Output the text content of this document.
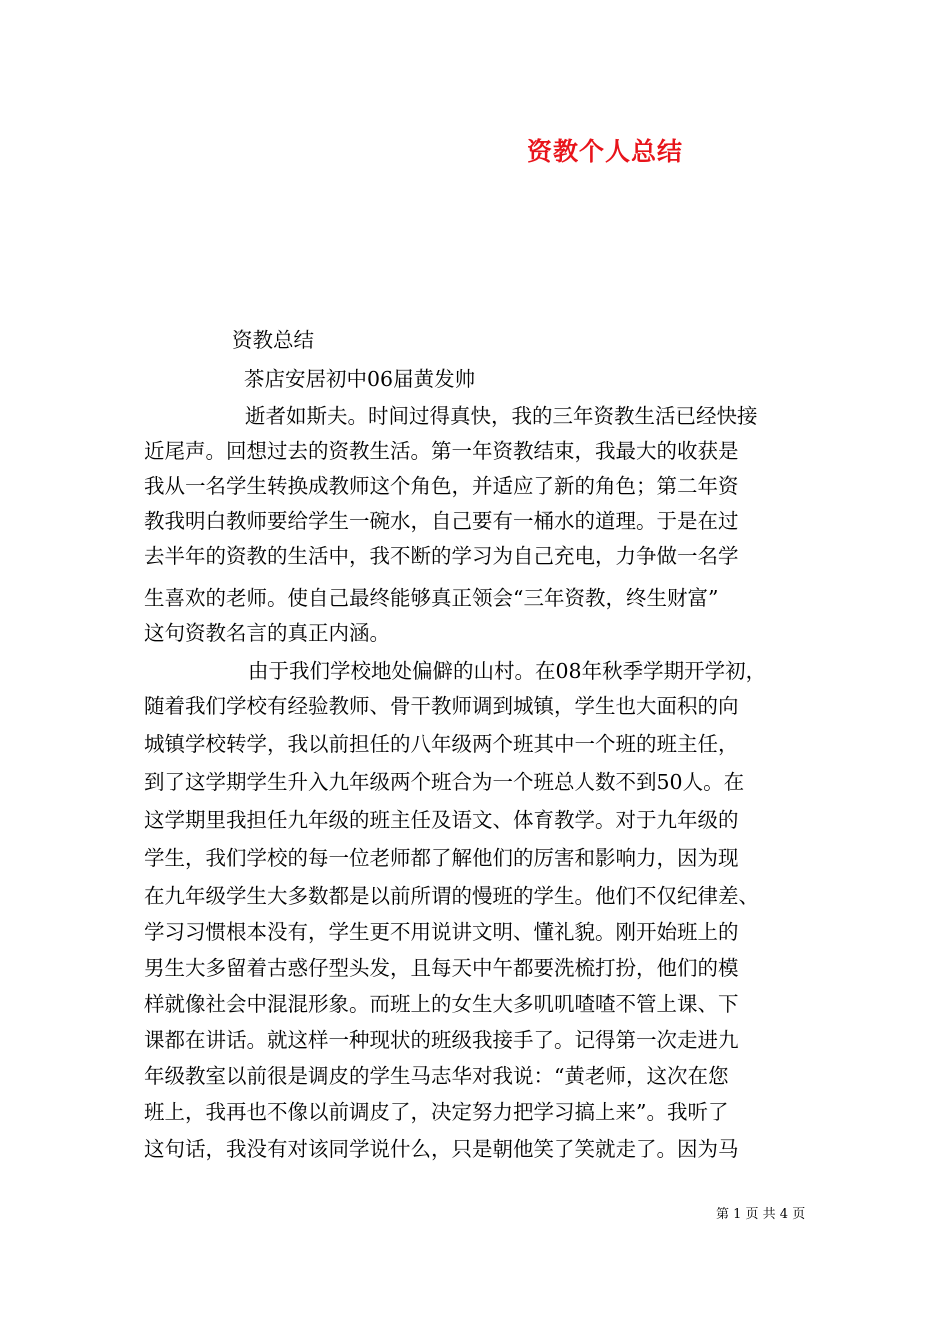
资教个人总结
资教总结
茶店安居初中06届黄发帅
逝者如斯夫。时间过得真快，我的三年资教生活已经快接
近尾声。回想过去的资教生活。第一年资教结束，我最大的收获是
我从一名学生转换成教师这个角色，并适应了新的角色；第二年资
教我明白教师要给学生一碗水，自己要有一桶水的道理。于是在过
去半年的资教的生活中，我不断的学习为自己充电，力争做一名学
生喜欢的老师。使自己最终能够真正领会“三年资教，终生财富”
这句资教名言的真正内涵。
由于我们学校地处偏僻的山村。在08年秋季学期开学初，
随着我们学校有经验教师、骨干教师调到城镇，学生也大面积的向
城镇学校转学，我以前担任的八年级两个班其中一个班的班主任，
到了这学期学生升入九年级两个班合为一个班总人数不到50人。在
这学期里我担任九年级的班主任及语文、体育教学。对于九年级的
学生，我们学校的每一位老师都了解他们的厉害和影响力，因为现
在九年级学生大多数都是以前所谓的慢班的学生。他们不仅纪律差、
学习习惯根本没有，学生更不用说讲文明、懂礼貌。刚开始班上的
男生大多留着古惑仔型头发，且每天中午都要洗梳打扮，他们的模
样就像社会中混混形象。而班上的女生大多叽叽喳喳不管上课、下
课都在讲话。就这样一种现状的班级我接手了。记得第一次走进九
年级教室以前很是调皮的学生马志华对我说：“黄老师，这次在您
班上，我再也不像以前调皮了，决定努力把学习搞上来”。我听了
这句话，我没有对该同学说什么，只是朝他笑了笑就走了。因为马
第 1 页 共 4 页
